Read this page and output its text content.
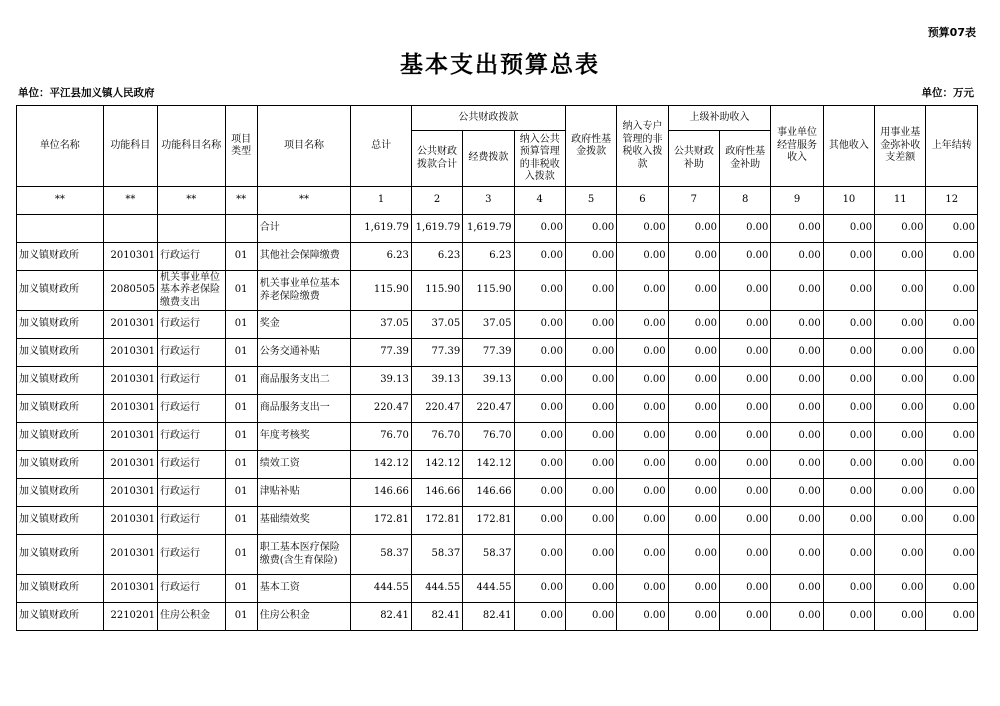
预算07表
基本支出预算总表
单位：平江县加义镇人民政府	单位：万元
单位名称	功能科目	功能科目名称	项目类型	项目名称	总计	公共财政拨款			政府性基金拨款	纳入专户管理的非税收入拨款	上级补助收入		事业单位经营服务收入	其他收入	用事业基金弥补收支差额	上年结转
						公共财政拨款合计	经费拨款	纳入公共预算管理的非税收入拨款			公共财政补助	政府性基金补助				
**	**	**	**	**	1	2	3	4	5	6	7	8	9	10	11	12
				合计	1,619.79	1,619.79	1,619.79	0.00	0.00	0.00	0.00	0.00	0.00	0.00	0.00	0.00
加义镇财政所	2010301	行政运行	01	其他社会保障缴费	6.23	6.23	6.23	0.00	0.00	0.00	0.00	0.00	0.00	0.00	0.00	0.00
加义镇财政所	2080505	机关事业单位基本养老保险缴费支出	01	机关事业单位基本养老保险缴费	115.90	115.90	115.90	0.00	0.00	0.00	0.00	0.00	0.00	0.00	0.00	0.00
加义镇财政所	2010301	行政运行	01	奖金	37.05	37.05	37.05	0.00	0.00	0.00	0.00	0.00	0.00	0.00	0.00	0.00
加义镇财政所	2010301	行政运行	01	公务交通补贴	77.39	77.39	77.39	0.00	0.00	0.00	0.00	0.00	0.00	0.00	0.00	0.00
加义镇财政所	2010301	行政运行	01	商品服务支出二	39.13	39.13	39.13	0.00	0.00	0.00	0.00	0.00	0.00	0.00	0.00	0.00
加义镇财政所	2010301	行政运行	01	商品服务支出一	220.47	220.47	220.47	0.00	0.00	0.00	0.00	0.00	0.00	0.00	0.00	0.00
加义镇财政所	2010301	行政运行	01	年度考核奖	76.70	76.70	76.70	0.00	0.00	0.00	0.00	0.00	0.00	0.00	0.00	0.00
加义镇财政所	2010301	行政运行	01	绩效工资	142.12	142.12	142.12	0.00	0.00	0.00	0.00	0.00	0.00	0.00	0.00	0.00
加义镇财政所	2010301	行政运行	01	津贴补贴	146.66	146.66	146.66	0.00	0.00	0.00	0.00	0.00	0.00	0.00	0.00	0.00
加义镇财政所	2010301	行政运行	01	基础绩效奖	172.81	172.81	172.81	0.00	0.00	0.00	0.00	0.00	0.00	0.00	0.00	0.00
加义镇财政所	2010301	行政运行	01	职工基本医疗保险缴费(含生育保险)	58.37	58.37	58.37	0.00	0.00	0.00	0.00	0.00	0.00	0.00	0.00	0.00
加义镇财政所	2010301	行政运行	01	基本工资	444.55	444.55	444.55	0.00	0.00	0.00	0.00	0.00	0.00	0.00	0.00	0.00
加义镇财政所	2210201	住房公积金	01	住房公积金	82.41	82.41	82.41	0.00	0.00	0.00	0.00	0.00	0.00	0.00	0.00	0.00
